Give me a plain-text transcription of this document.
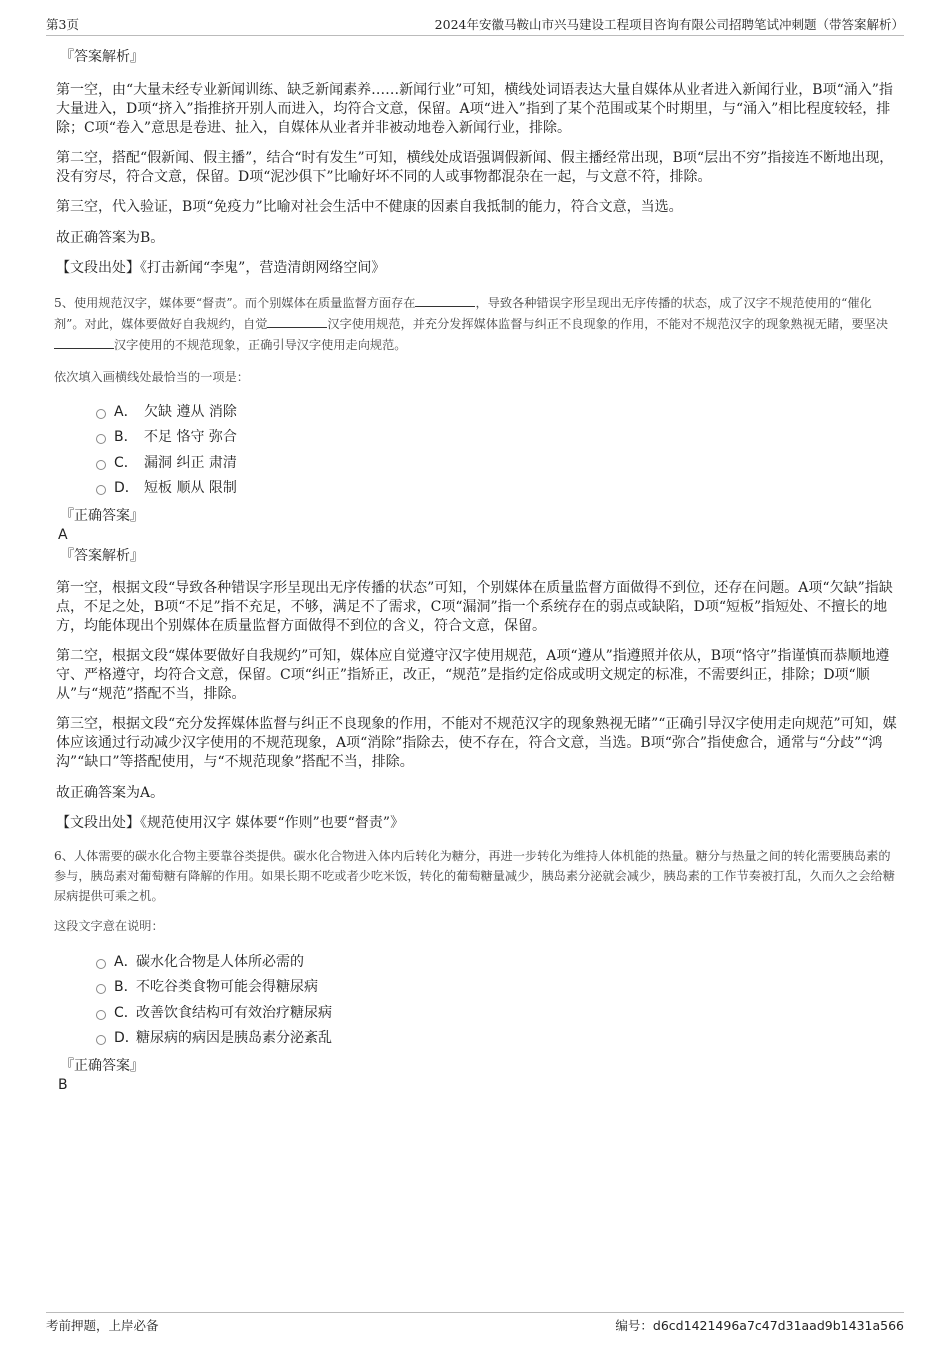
第3页	2024年安徽马鞍山市兴马建设工程项目咨询有限公司招聘笔试冲刺题（带答案解析）
『答案解析』

第一空，由“大量未经专业新闻训练、缺乏新闻素养……新闻行业”可知，横线处词语表达大量自媒体从业者进入新闻行业，B项“涌入”指大量进入，D项“挤入”指推挤开别人而进入，均符合文意，保留。A项“进入”指到了某个范围或某个时期里，与“涌入”相比程度较轻，排除；C项“卷入”意思是卷进、扯入，自媒体从业者并非被动地卷入新闻行业，排除。

第二空，搭配“假新闻、假主播”，结合“时有发生”可知，横线处成语强调假新闻、假主播经常出现，B项“层出不穷”指接连不断地出现，没有穷尽，符合文意，保留。D项“泥沙俱下”比喻好坏不同的人或事物都混杂在一起，与文意不符，排除。

第三空，代入验证，B项“免疫力”比喻对社会生活中不健康的因素自我抵制的能力，符合文意，当选。

故正确答案为B。

【文段出处】《打击新闻“李鬼”，营造清朗网络空间》

5、使用规范汉字，媒体要“督责”。而个别媒体在质量监督方面存在	，导致各种错误字形呈现出无序传播的状态，成了汉字不规范使用的“催化剂”。对此，媒体要做好自我规约，自觉	汉字使用规范，并充分发挥媒体监督与纠正不良现象的作用，不能对不规范汉字的现象熟视无睹，要坚决汉字使用的不规范现象，正确引导汉字使用走向规范。

依次填入画横线处最恰当的一项是：

A． 欠缺 遵从 消除
B． 不足 恪守 弥合
C． 漏洞 纠正 肃清
D． 短板 顺从 限制
『正确答案』
A
『答案解析』

第一空，根据文段“导致各种错误字形呈现出无序传播的状态”可知，个别媒体在质量监督方面做得不到位，还存在问题。A项“欠缺”指缺点，不足之处，B项“不足”指不充足，不够，满足不了需求，C项“漏洞”指一个系统存在的弱点或缺陷，D项“短板”指短处、不擅长的地方，均能体现出个别媒体在质量监督方面做得不到位的含义，符合文意，保留。

第二空，根据文段“媒体要做好自我规约”可知，媒体应自觉遵守汉字使用规范，A项“遵从”指遵照并依从，B项“恪守”指谨慎而恭顺地遵守、严格遵守，均符合文意，保留。C项“纠正”指矫正，改正，“规范”是指约定俗成或明文规定的标准，不需要纠正，排除；D项“顺从”与“规范”搭配不当，排除。

第三空，根据文段“充分发挥媒体监督与纠正不良现象的作用，不能对不规范汉字的现象熟视无睹”“正确引导汉字使用走向规范”可知，媒体应该通过行动减少汉字使用的不规范现象，A项“消除”指除去，使不存在，符合文意，当选。B项“弥合”指使愈合，通常与“分歧”“鸿沟”“缺口”等搭配使用，与“不规范现象”搭配不当，排除。

故正确答案为A。

【文段出处】《规范使用汉字 媒体要“作则”也要“督责”》

6、人体需要的碳水化合物主要靠谷类提供。碳水化合物进入体内后转化为糖分，再进一步转化为维持人体机能的热量。糖分与热量之间的转化需要胰岛素的参与，胰岛素对葡萄糖有降解的作用。如果长期不吃或者少吃米饭，转化的葡萄糖量减少，胰岛素分泌就会减少，胰岛素的工作节奏被打乱，久而久之会给糖尿病提供可乘之机。

这段文字意在说明：

A．
碳水化合物是人体所必需的
B．
不吃谷类食物可能会得糖尿病
C．
改善饮食结构可有效治疗糖尿病
D．
糖尿病的病因是胰岛素分泌紊乱
『正确答案』
B
考前押题，上岸必备	编号：d6cd1421496a7c47d31aad9b1431a566
